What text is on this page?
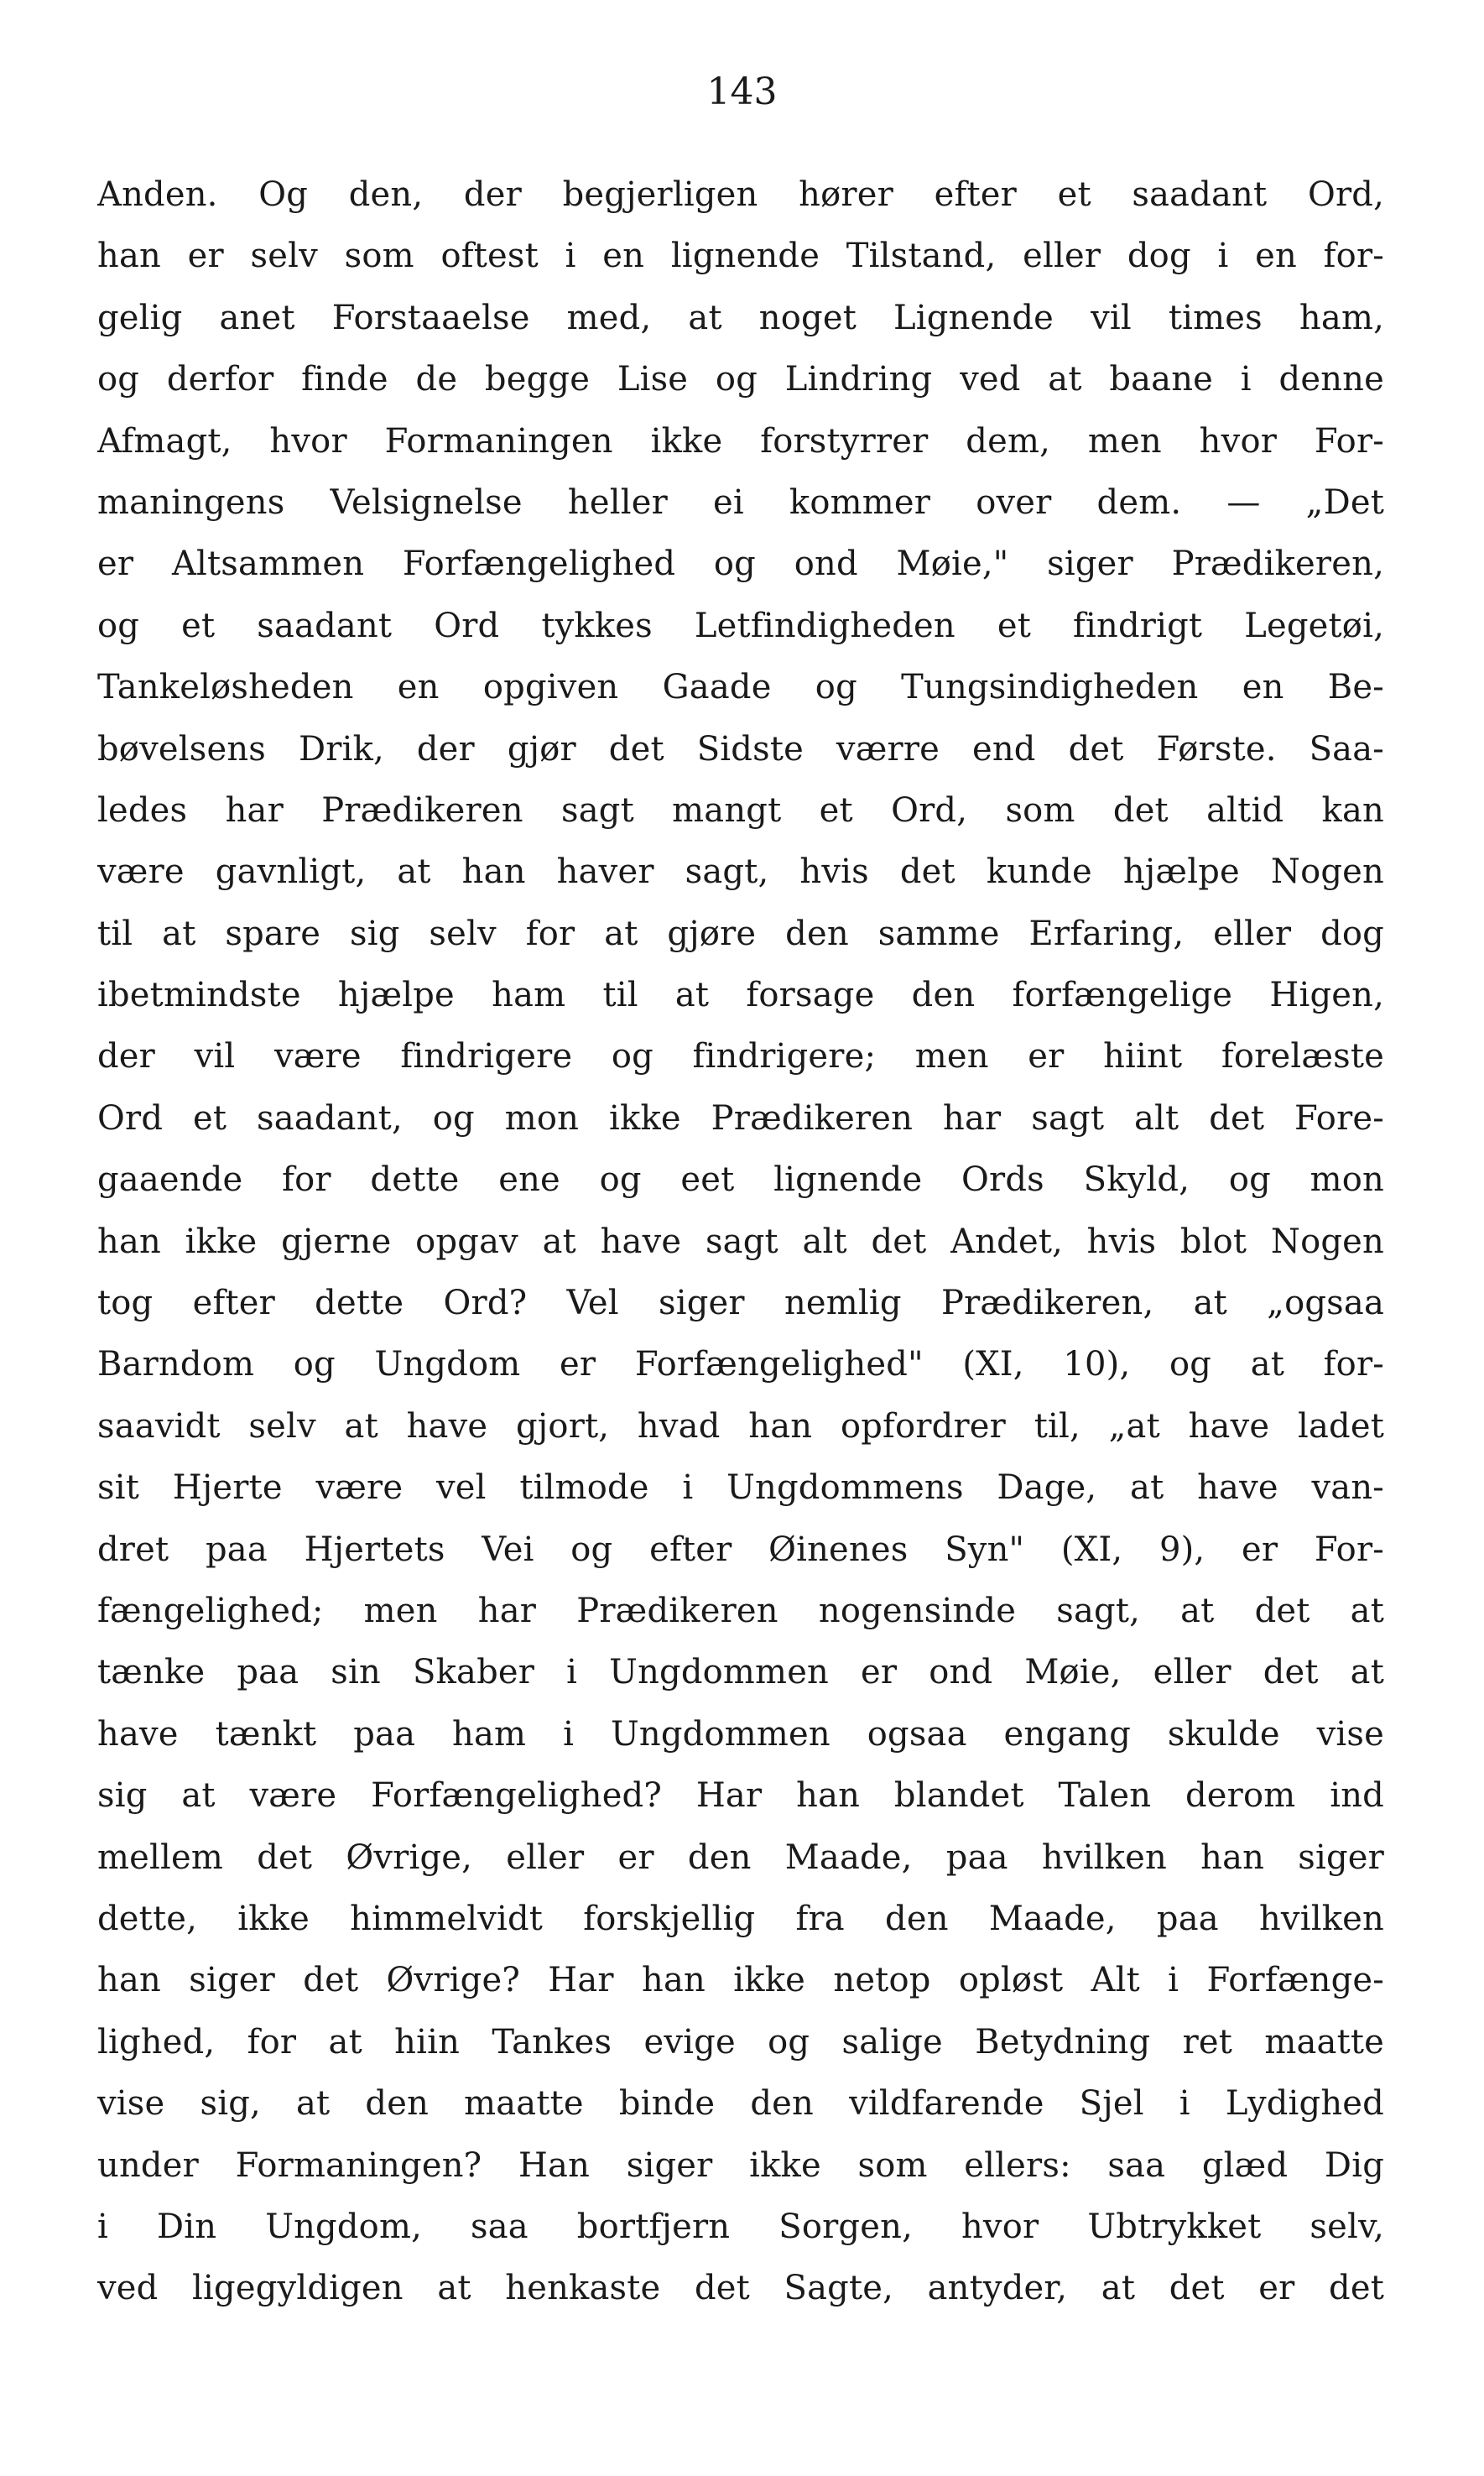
143
Anden. Og den, der begjerligen hører efter et saadant Ord,
han er selv som oftest i en lignende Tilstand, eller dog i en for-
gelig anet Forstaaelse med, at noget Lignende vil times ham,
og derfor finde de begge Lise og Lindring ved at baane i denne
Afmagt, hvor Formaningen ikke forstyrrer dem, men hvor For-
maningens Velsignelse heller ei kommer over dem. — „Det
er Altsammen Forfængelighed og ond Møie," siger Prædikeren,
og et saadant Ord tykkes Letfindigheden et findrigt Legetøi,
Tankeløsheden en opgiven Gaade og Tungsindigheden en Be-
bøvelsens Drik, der gjør det Sidste værre end det Første. Saa-
ledes har Prædikeren sagt mangt et Ord, som det altid kan
være gavnligt, at han haver sagt, hvis det kunde hjælpe Nogen
til at spare sig selv for at gjøre den samme Erfaring, eller dog
ibetmindste hjælpe ham til at forsage den forfængelige Higen,
der vil være findrigere og findrigere; men er hiint forelæste
Ord et saadant, og mon ikke Prædikeren har sagt alt det Fore-
gaaende for dette ene og eet lignende Ords Skyld, og mon
han ikke gjerne opgav at have sagt alt det Andet, hvis blot Nogen
tog efter dette Ord? Vel siger nemlig Prædikeren, at „ogsaa
Barndom og Ungdom er Forfængelighed" (XI, 10), og at for-
saavidt selv at have gjort, hvad han opfordrer til, „at have ladet
sit Hjerte være vel tilmode i Ungdommens Dage, at have van-
dret paa Hjertets Vei og efter Øinenes Syn" (XI, 9), er For-
fængelighed; men har Prædikeren nogensinde sagt, at det at
tænke paa sin Skaber i Ungdommen er ond Møie, eller det at
have tænkt paa ham i Ungdommen ogsaa engang skulde vise
sig at være Forfængelighed? Har han blandet Talen derom ind
mellem det Øvrige, eller er den Maade, paa hvilken han siger
dette, ikke himmelvidt forskjellig fra den Maade, paa hvilken
han siger det Øvrige? Har han ikke netop opløst Alt i Forfænge-
lighed, for at hiin Tankes evige og salige Betydning ret maatte
vise sig, at den maatte binde den vildfarende Sjel i Lydighed
under Formaningen? Han siger ikke som ellers: saa glæd Dig
i Din Ungdom, saa bortfjern Sorgen, hvor Ubtrykket selv,
ved ligegyldigen at henkaste det Sagte, antyder, at det er det
